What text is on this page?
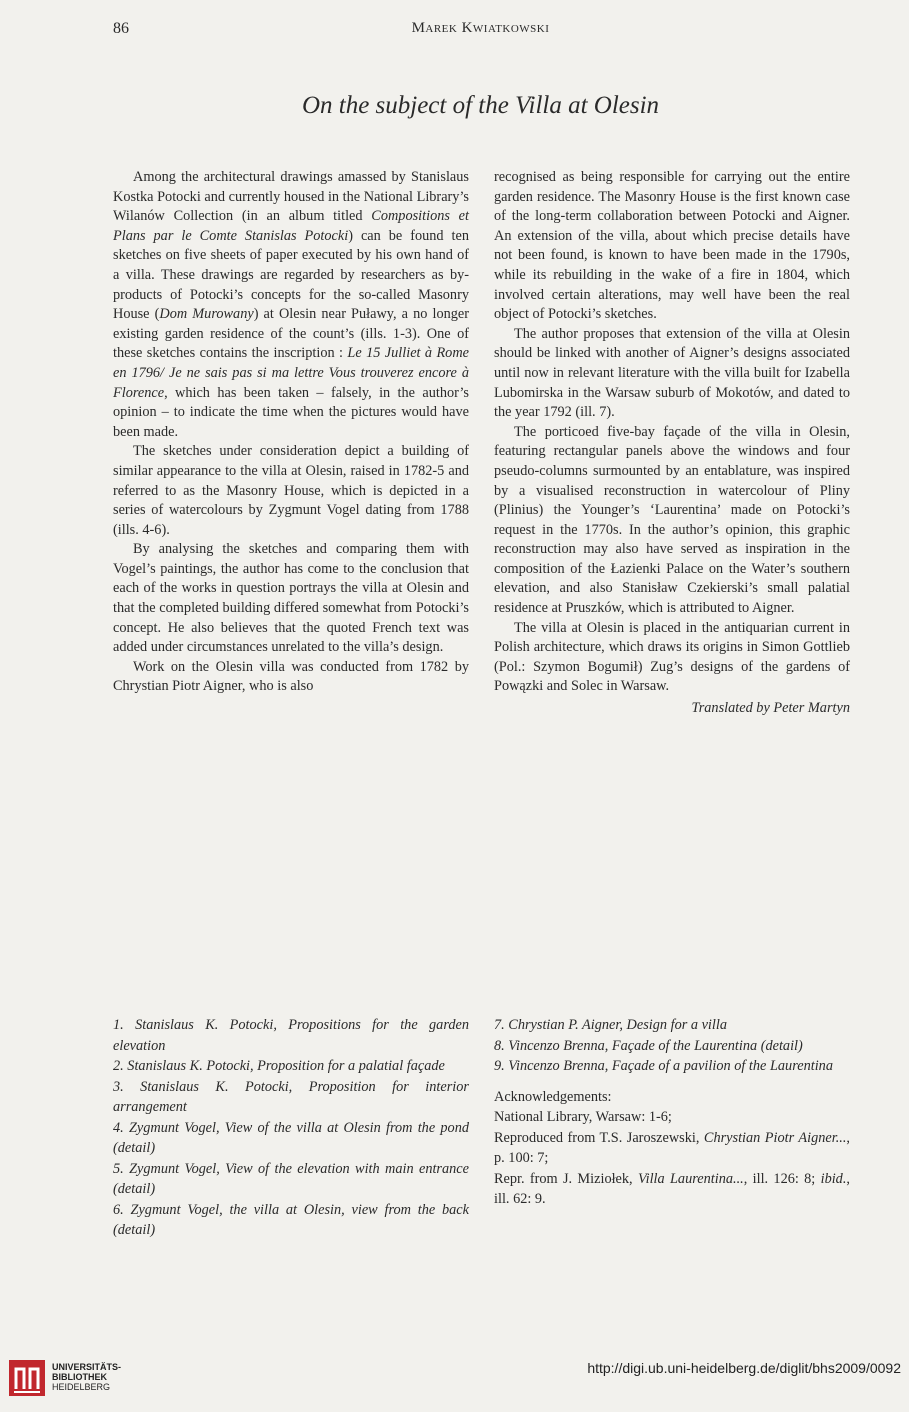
86	Marek Kwiatkowski
On the subject of the Villa at Olesin

Among the architectural drawings amassed by Stanislaus Kostka Potocki and currently housed in the National Library’s Wilanów Collection (in an album titled Compositions et Plans par le Comte Stanislas Potocki) can be found ten sketches on five sheets of paper executed by his own hand of a villa. These drawings are regarded by researchers as by-products of Potocki’s concepts for the so-called Masonry House (Dom Murowany) at Olesin near Puławy, a no longer existing garden residence of the count’s (ills. 1-3). One of these sketches contains the inscription : Le 15 Julliet à Rome en 1796/ Je ne sais pas si ma lettre Vous trouverez encore à Florence, which has been taken – falsely, in the author’s opinion – to indicate the time when the pictures would have been made.

The sketches under consideration depict a building of similar appearance to the villa at Olesin, raised in 1782-5 and referred to as the Masonry House, which is depicted in a series of watercolours by Zygmunt Vogel dating from 1788 (ills. 4-6).

By analysing the sketches and comparing them with Vogel’s paintings, the author has come to the conclusion that each of the works in question portrays the villa at Olesin and that the completed building differed somewhat from Potocki’s concept. He also believes that the quoted French text was added under circumstances unrelated to the villa’s design.

Work on the Olesin villa was conducted from 1782 by Chrystian Piotr Aigner, who is also

recognised as being responsible for carrying out the entire garden residence. The Masonry House is the first known case of the long-term collaboration between Potocki and Aigner. An extension of the villa, about which precise details have not been found, is known to have been made in the 1790s, while its rebuilding in the wake of a fire in 1804, which involved certain alterations, may well have been the real object of Potocki’s sketches.

The author proposes that extension of the villa at Olesin should be linked with another of Aigner’s designs associated until now in relevant literature with the villa built for Izabella Lubomirska in the Warsaw suburb of Mokotów, and dated to the year 1792 (ill. 7).

The porticoed five-bay façade of the villa in Olesin, featuring rectangular panels above the windows and four pseudo-columns surmounted by an entablature, was inspired by a visualised reconstruction in watercolour of Pliny (Plinius) the Younger’s ‘Laurentina’ made on Potocki’s request in the 1770s. In the author’s opinion, this graphic reconstruction may also have served as inspiration in the composition of the Łazienki Palace on the Water’s southern elevation, and also Stanisław Czekierski’s small palatial residence at Pruszków, which is attributed to Aigner.

The villa at Olesin is placed in the antiquarian current in Polish architecture, which draws its origins in Simon Gottlieb (Pol.: Szymon Bogumił) Zug’s designs of the gardens of Powązki and Solec in Warsaw.

Translated by Peter Martyn

1. Stanislaus K. Potocki, Propositions for the garden elevation

2. Stanislaus K. Potocki, Proposition for a palatial façade

3. Stanislaus K. Potocki, Proposition for interior arrangement

4. Zygmunt Vogel, View of the villa at Olesin from the pond (detail)

5. Zygmunt Vogel, View of the elevation with main entrance (detail)

6. Zygmunt Vogel, the villa at Olesin, view from the back (detail)

7. Chrystian P. Aigner, Design for a villa

8. Vincenzo Brenna, Façade of the Laurentina (detail)

9. Vincenzo Brenna, Façade of a pavilion of the Laurentina

Acknowledgements:
National Library, Warsaw: 1-6;
Reproduced from T.S. Jaroszewski, Chrystian Piotr Aigner..., p. 100: 7;
Repr. from J. Miziołek, Villa Laurentina..., ill. 126: 8; ibid., ill. 62: 9.
UNIVERSITÄTS-
BIBLIOTHEK
HEIDELBERG
http://digi.ub.uni-heidelberg.de/diglit/bhs2009/0092
